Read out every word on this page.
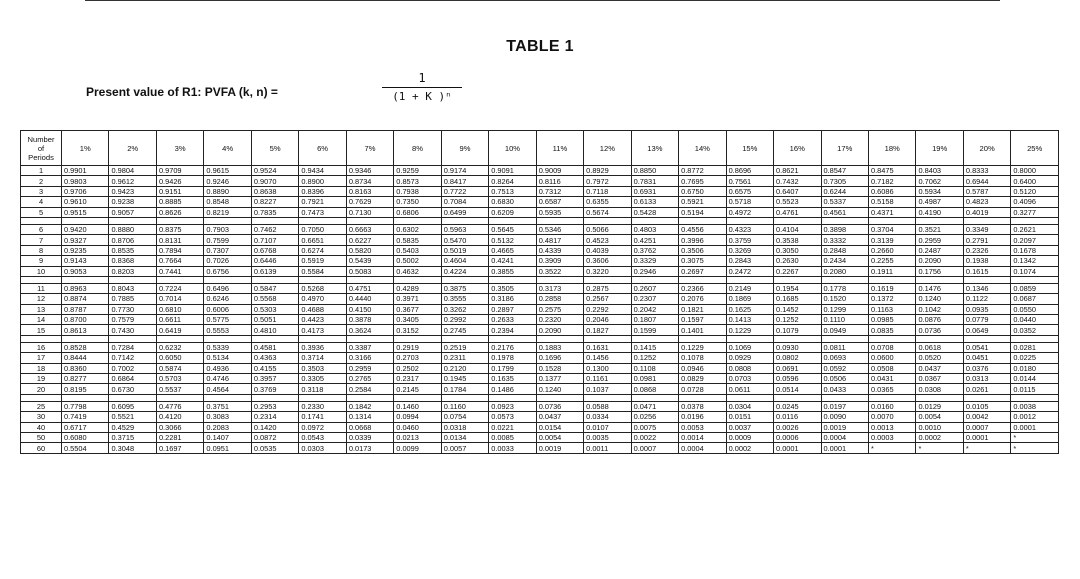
TABLE 1
Present value of R1: PVFA (k, n) =
1
(1 + K )ⁿ
Number
of
Periods	1%	2%	3%	4%	5%	6%	7%	8%	9%	10%	11%	12%	13%	14%	15%	16%	17%	18%	19%	20%	25%
1	0.9901	0.9804	0.9709	0.9615	0.9524	0.9434	0.9346	0.9259	0.9174	0.9091	0.9009	0.8929	0.8850	0.8772	0.8696	0.8621	0.8547	0.8475	0.8403	0.8333	0.8000
2	0.9803	0.9612	0.9426	0.9246	0.9070	0.8900	0.8734	0.8573	0.8417	0.8264	0.8116	0.7972	0.7831	0.7695	0.7561	0.7432	0.7305	0.7182	0.7062	0.6944	0.6400
3	0.9706	0.9423	0.9151	0.8890	0.8638	0.8396	0.8163	0.7938	0.7722	0.7513	0.7312	0.7118	0.6931	0.6750	0.6575	0.6407	0.6244	0.6086	0.5934	0.5787	0.5120
4	0.9610	0.9238	0.8885	0.8548	0.8227	0.7921	0.7629	0.7350	0.7084	0.6830	0.6587	0.6355	0.6133	0.5921	0.5718	0.5523	0.5337	0.5158	0.4987	0.4823	0.4096
5	0.9515	0.9057	0.8626	0.8219	0.7835	0.7473	0.7130	0.6806	0.6499	0.6209	0.5935	0.5674	0.5428	0.5194	0.4972	0.4761	0.4561	0.4371	0.4190	0.4019	0.3277

6	0.9420	0.8880	0.8375	0.7903	0.7462	0.7050	0.6663	0.6302	0.5963	0.5645	0.5346	0.5066	0.4803	0.4556	0.4323	0.4104	0.3898	0.3704	0.3521	0.3349	0.2621
7	0.9327	0.8706	0.8131	0.7599	0.7107	0.6651	0.6227	0.5835	0.5470	0.5132	0.4817	0.4523	0.4251	0.3996	0.3759	0.3538	0.3332	0.3139	0.2959	0.2791	0.2097
8	0.9235	0.8535	0.7894	0.7307	0.6768	0.6274	0.5820	0.5403	0.5019	0.4665	0.4339	0.4039	0.3762	0.3506	0.3269	0.3050	0.2848	0.2660	0.2487	0.2326	0.1678
9	0.9143	0.8368	0.7664	0.7026	0.6446	0.5919	0.5439	0.5002	0.4604	0.4241	0.3909	0.3606	0.3329	0.3075	0.2843	0.2630	0.2434	0.2255	0.2090	0.1938	0.1342
10	0.9053	0.8203	0.7441	0.6756	0.6139	0.5584	0.5083	0.4632	0.4224	0.3855	0.3522	0.3220	0.2946	0.2697	0.2472	0.2267	0.2080	0.1911	0.1756	0.1615	0.1074

11	0.8963	0.8043	0.7224	0.6496	0.5847	0.5268	0.4751	0.4289	0.3875	0.3505	0.3173	0.2875	0.2607	0.2366	0.2149	0.1954	0.1778	0.1619	0.1476	0.1346	0.0859
12	0.8874	0.7885	0.7014	0.6246	0.5568	0.4970	0.4440	0.3971	0.3555	0.3186	0.2858	0.2567	0.2307	0.2076	0.1869	0.1685	0.1520	0.1372	0.1240	0.1122	0.0687
13	0.8787	0.7730	0.6810	0.6006	0.5303	0.4688	0.4150	0.3677	0.3262	0.2897	0.2575	0.2292	0.2042	0.1821	0.1625	0.1452	0.1299	0.1163	0.1042	0.0935	0.0550
14	0.8700	0.7579	0.6611	0.5775	0.5051	0.4423	0.3878	0.3405	0.2992	0.2633	0.2320	0.2046	0.1807	0.1597	0.1413	0.1252	0.1110	0.0985	0.0876	0.0779	0.0440
15	0.8613	0.7430	0.6419	0.5553	0.4810	0.4173	0.3624	0.3152	0.2745	0.2394	0.2090	0.1827	0.1599	0.1401	0.1229	0.1079	0.0949	0.0835	0.0736	0.0649	0.0352

16	0.8528	0.7284	0.6232	0.5339	0.4581	0.3936	0.3387	0.2919	0.2519	0.2176	0.1883	0.1631	0.1415	0.1229	0.1069	0.0930	0.0811	0.0708	0.0618	0.0541	0.0281
17	0.8444	0.7142	0.6050	0.5134	0.4363	0.3714	0.3166	0.2703	0.2311	0.1978	0.1696	0.1456	0.1252	0.1078	0.0929	0.0802	0.0693	0.0600	0.0520	0.0451	0.0225
18	0.8360	0.7002	0.5874	0.4936	0.4155	0.3503	0.2959	0.2502	0.2120	0.1799	0.1528	0.1300	0.1108	0.0946	0.0808	0.0691	0.0592	0.0508	0.0437	0.0376	0.0180
19	0.8277	0.6864	0.5703	0.4746	0.3957	0.3305	0.2765	0.2317	0.1945	0.1635	0.1377	0.1161	0.0981	0.0829	0.0703	0.0596	0.0506	0.0431	0.0367	0.0313	0.0144
20	0.8195	0.6730	0.5537	0.4564	0.3769	0.3118	0.2584	0.2145	0.1784	0.1486	0.1240	0.1037	0.0868	0.0728	0.0611	0.0514	0.0433	0.0365	0.0308	0.0261	0.0115

25	0.7798	0.6095	0.4776	0.3751	0.2953	0.2330	0.1842	0.1460	0.1160	0.0923	0.0736	0.0588	0.0471	0.0378	0.0304	0.0245	0.0197	0.0160	0.0129	0.0105	0.0038
30	0.7419	0.5521	0.4120	0.3083	0.2314	0.1741	0.1314	0.0994	0.0754	0.0573	0.0437	0.0334	0.0256	0.0196	0.0151	0.0116	0.0090	0.0070	0.0054	0.0042	0.0012
40	0.6717	0.4529	0.3066	0.2083	0.1420	0.0972	0.0668	0.0460	0.0318	0.0221	0.0154	0.0107	0.0075	0.0053	0.0037	0.0026	0.0019	0.0013	0.0010	0.0007	0.0001
50	0.6080	0.3715	0.2281	0.1407	0.0872	0.0543	0.0339	0.0213	0.0134	0.0085	0.0054	0.0035	0.0022	0.0014	0.0009	0.0006	0.0004	0.0003	0.0002	0.0001	*
60	0.5504	0.3048	0.1697	0.0951	0.0535	0.0303	0.0173	0.0099	0.0057	0.0033	0.0019	0.0011	0.0007	0.0004	0.0002	0.0001	0.0001	*	*	*	*
